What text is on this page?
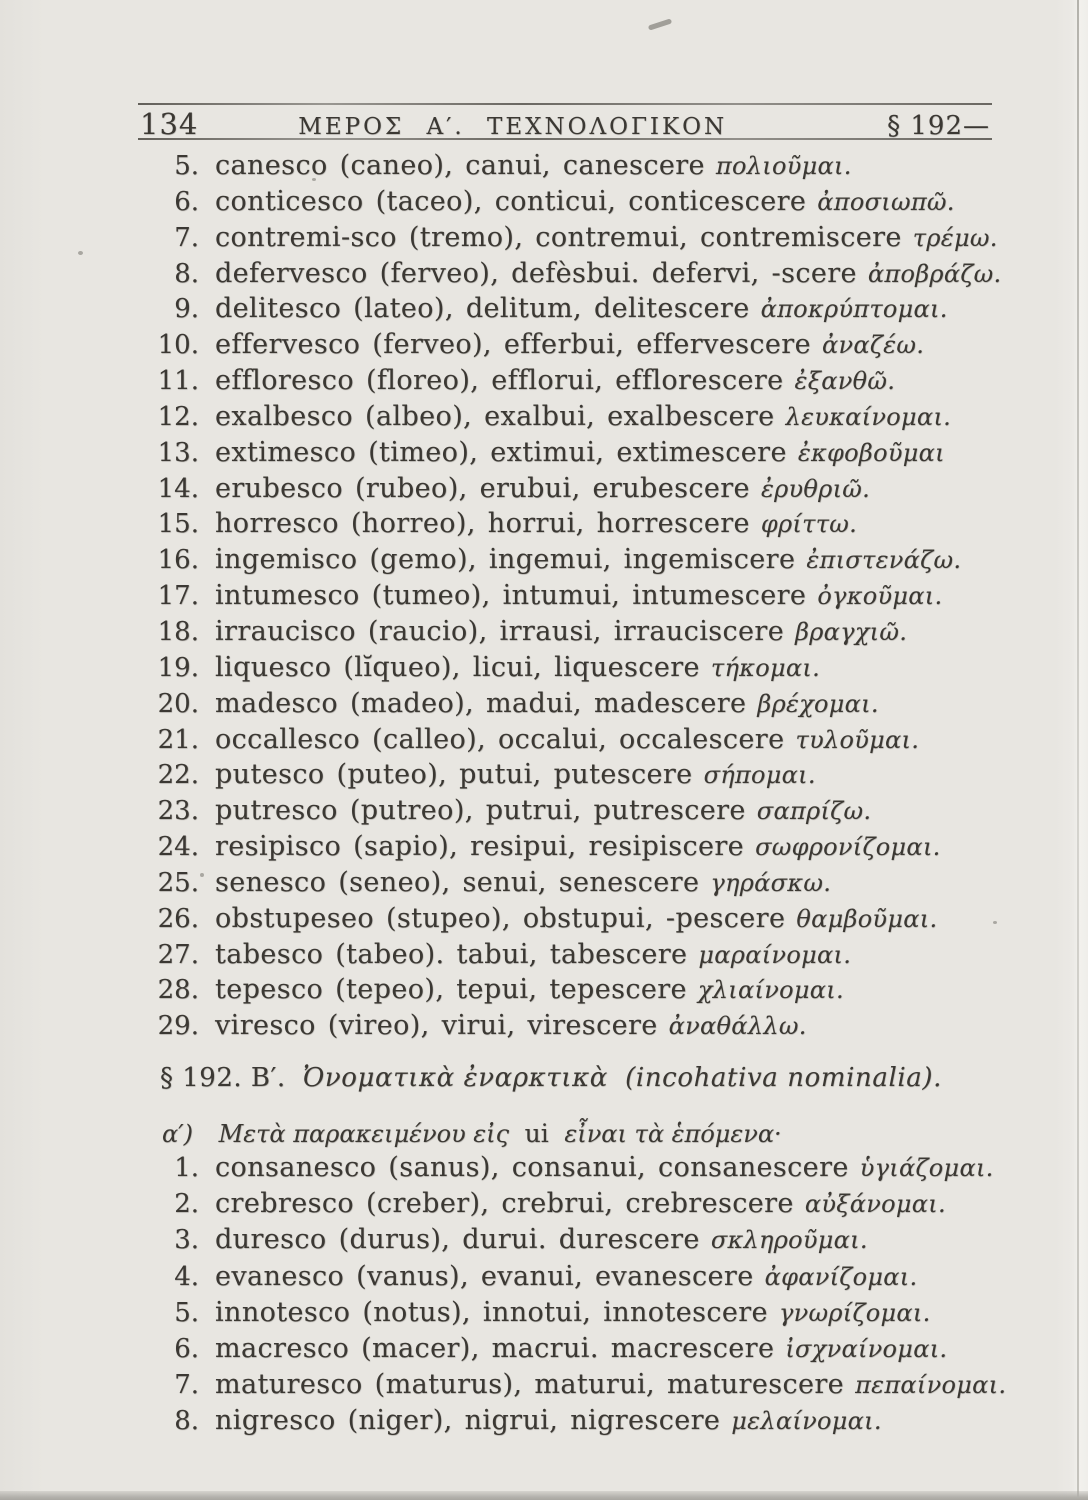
134	ΜΕΡΟΣ Α′. ΤΕΧΝΟΛΟΓΙΚΟΝ	§ 192—
5. canesco (caneo), canui, canescere πολιοῦμαι.
6. conticesco (taceo), conticui, conticescere ἀποσιωπῶ.
7. contremi-sco (tremo), contremui, contremiscere τρέμω.
8. defervesco (ferveo), defèsbui. defervi, -scere ἀποβράζω.
9. delitesco (lateo), delitum, delitescere ἀποκρύπτομαι.
10. effervesco (ferveo), efferbui, effervescere ἀναζέω.
11. effloresco (floreo), efflorui, efflorescere ἐξανθῶ.
12. exalbesco (albeo), exalbui, exalbescere λευκαίνομαι.
13. extimesco (timeo), extimui, extimescere ἐκφοβοῦμαι
14. erubesco (rubeo), erubui, erubescere ἐρυθριῶ.
15. horresco (horreo), horrui, horrescere φρίττω.
16. ingemisco (gemo), ingemui, ingemiscere ἐπιστενάζω.
17. intumesco (tumeo), intumui, intumescere ὀγκοῦμαι.
18. irraucisco (raucio), irrausi, irrauciscere βραγχιῶ.
19. liquesco (lĭqueo), licui, liquescere τήκομαι.
20. madesco (madeo), madui, madescere βρέχομαι.
21. occallesco (calleo), occalui, occalescere τυλοῦμαι.
22. putesco (puteo), putui, putescere σήπομαι.
23. putresco (putreo), putrui, putrescere σαπρίζω.
24. resipisco (sapio), resipui, resipiscere σωφρονίζομαι.
25. senesco (seneo), senui, senescere γηράσκω.
26. obstupeseo (stupeo), obstupui, -pescere θαμβοῦμαι.
27. tabesco (tabeo). tabui, tabescere μαραίνομαι.
28. tepesco (tepeo), tepui, tepescere χλιαίνομαι.
29. viresco (vireo), virui, virescere ἀναθάλλω.
§ 192. Β′. Ὀνοματικὰ ἐναρκτικὰ (incohativa nominalia).

α′) Μετὰ παρακειμένου εἰς ui εἶναι τὰ ἑπόμενα·

1. consanesco (sanus), consanui, consanescere ὑγιάζομαι.
2. crebresco (creber), crebrui, crebrescere αὐξάνομαι.
3. duresco (durus), durui. durescere σκληροῦμαι.
4. evanesco (vanus), evanui, evanescere ἀφανίζομαι.
5. innotesco (notus), innotui, innotescere γνωρίζομαι.
6. macresco (macer), macrui. macrescere ἰσχναίνομαι.
7. maturesco (maturus), maturui, maturescere πεπαίνομαι.
8. nigresco (niger), nigrui, nigrescere μελαίνομαι.
